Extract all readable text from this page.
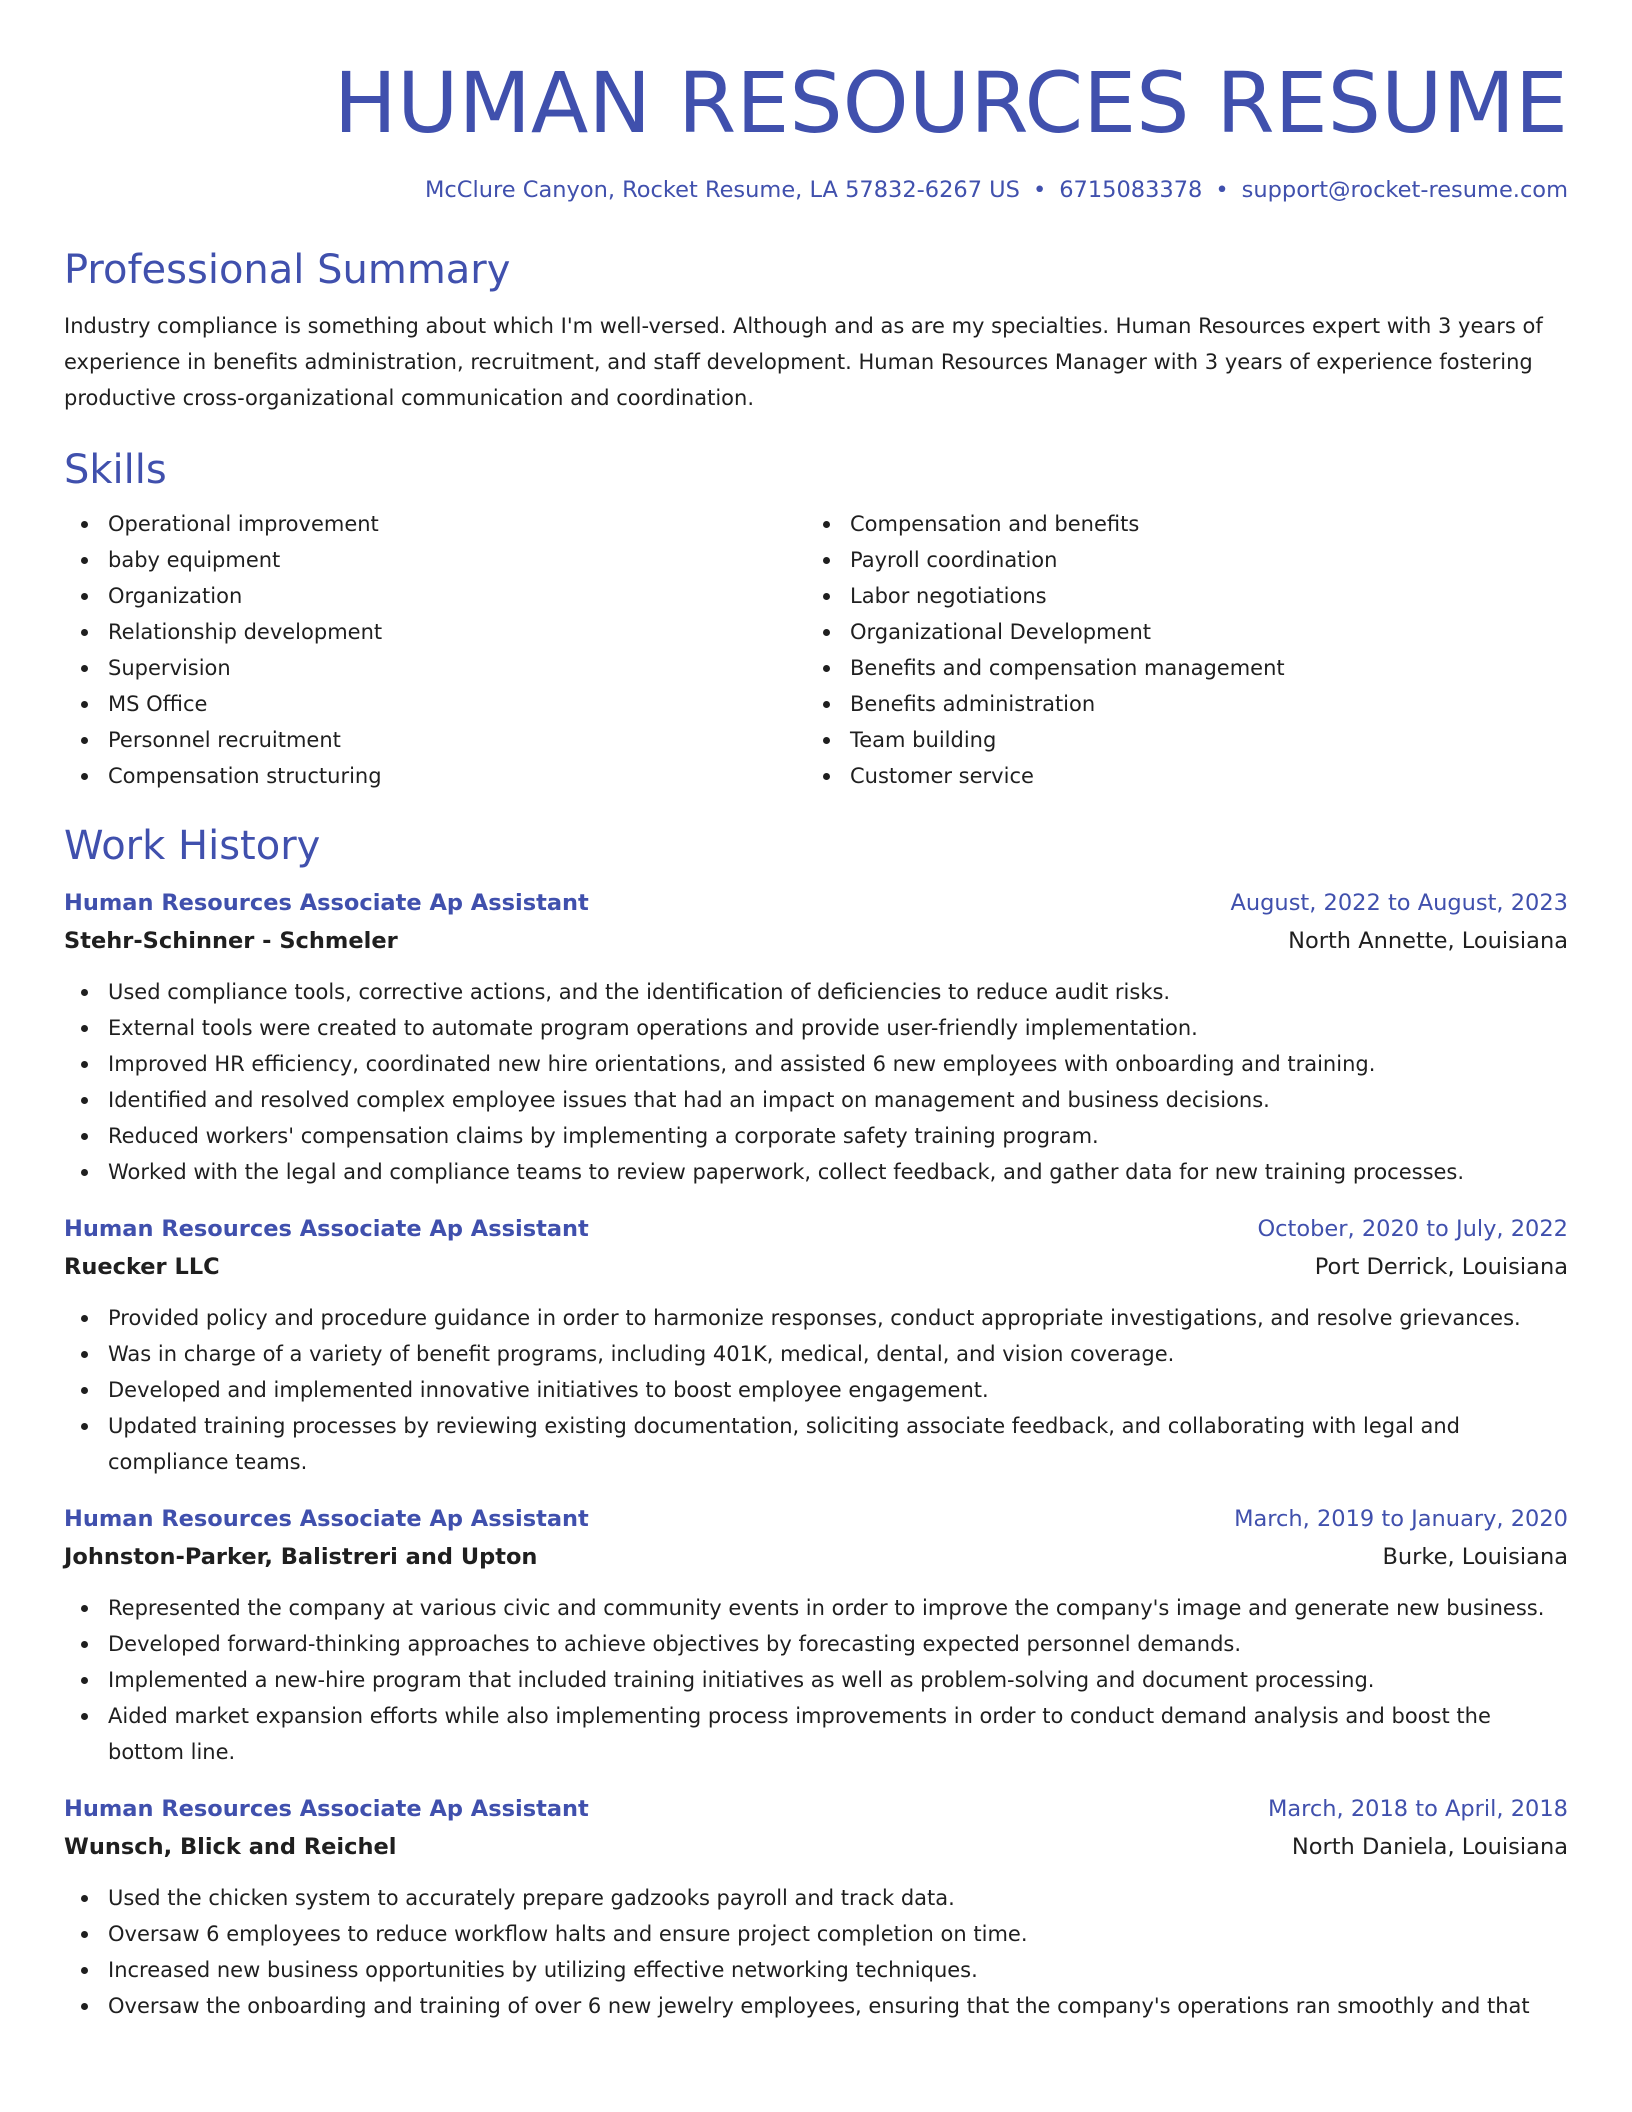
HUMAN RESOURCES RESUME
McClure Canyon, Rocket Resume, LA 57832-6267 US • 6715083378 • support@rocket-resume.com
Professional Summary
Industry compliance is something about which I'm well-versed. Although and as are my specialties. Human Resources expert with 3 years of experience in benefits administration, recruitment, and staff development. Human Resources Manager with 3 years of experience fostering productive cross-organizational communication and coordination.
Skills
Operational improvement
baby equipment
Organization
Relationship development
Supervision
MS Office
Personnel recruitment
Compensation structuring
Compensation and benefits
Payroll coordination
Labor negotiations
Organizational Development
Benefits and compensation management
Benefits administration
Team building
Customer service
Work History
Human Resources Associate Ap Assistant	August, 2022 to August, 2023
Stehr-Schinner - Schmeler	North Annette, Louisiana
Used compliance tools, corrective actions, and the identification of deficiencies to reduce audit risks.
External tools were created to automate program operations and provide user-friendly implementation.
Improved HR efficiency, coordinated new hire orientations, and assisted 6 new employees with onboarding and training.
Identified and resolved complex employee issues that had an impact on management and business decisions.
Reduced workers' compensation claims by implementing a corporate safety training program.
Worked with the legal and compliance teams to review paperwork, collect feedback, and gather data for new training processes.
Human Resources Associate Ap Assistant	October, 2020 to July, 2022
Ruecker LLC	Port Derrick, Louisiana
Provided policy and procedure guidance in order to harmonize responses, conduct appropriate investigations, and resolve grievances.
Was in charge of a variety of benefit programs, including 401K, medical, dental, and vision coverage.
Developed and implemented innovative initiatives to boost employee engagement.
Updated training processes by reviewing existing documentation, soliciting associate feedback, and collaborating with legal and compliance teams.
Human Resources Associate Ap Assistant	March, 2019 to January, 2020
Johnston-Parker, Balistreri and Upton	Burke, Louisiana
Represented the company at various civic and community events in order to improve the company's image and generate new business.
Developed forward-thinking approaches to achieve objectives by forecasting expected personnel demands.
Implemented a new-hire program that included training initiatives as well as problem-solving and document processing.
Aided market expansion efforts while also implementing process improvements in order to conduct demand analysis and boost the bottom line.
Human Resources Associate Ap Assistant	March, 2018 to April, 2018
Wunsch, Blick and Reichel	North Daniela, Louisiana
Used the chicken system to accurately prepare gadzooks payroll and track data.
Oversaw 6 employees to reduce workflow halts and ensure project completion on time.
Increased new business opportunities by utilizing effective networking techniques.
Oversaw the onboarding and training of over 6 new jewelry employees, ensuring that the company's operations ran smoothly and that
